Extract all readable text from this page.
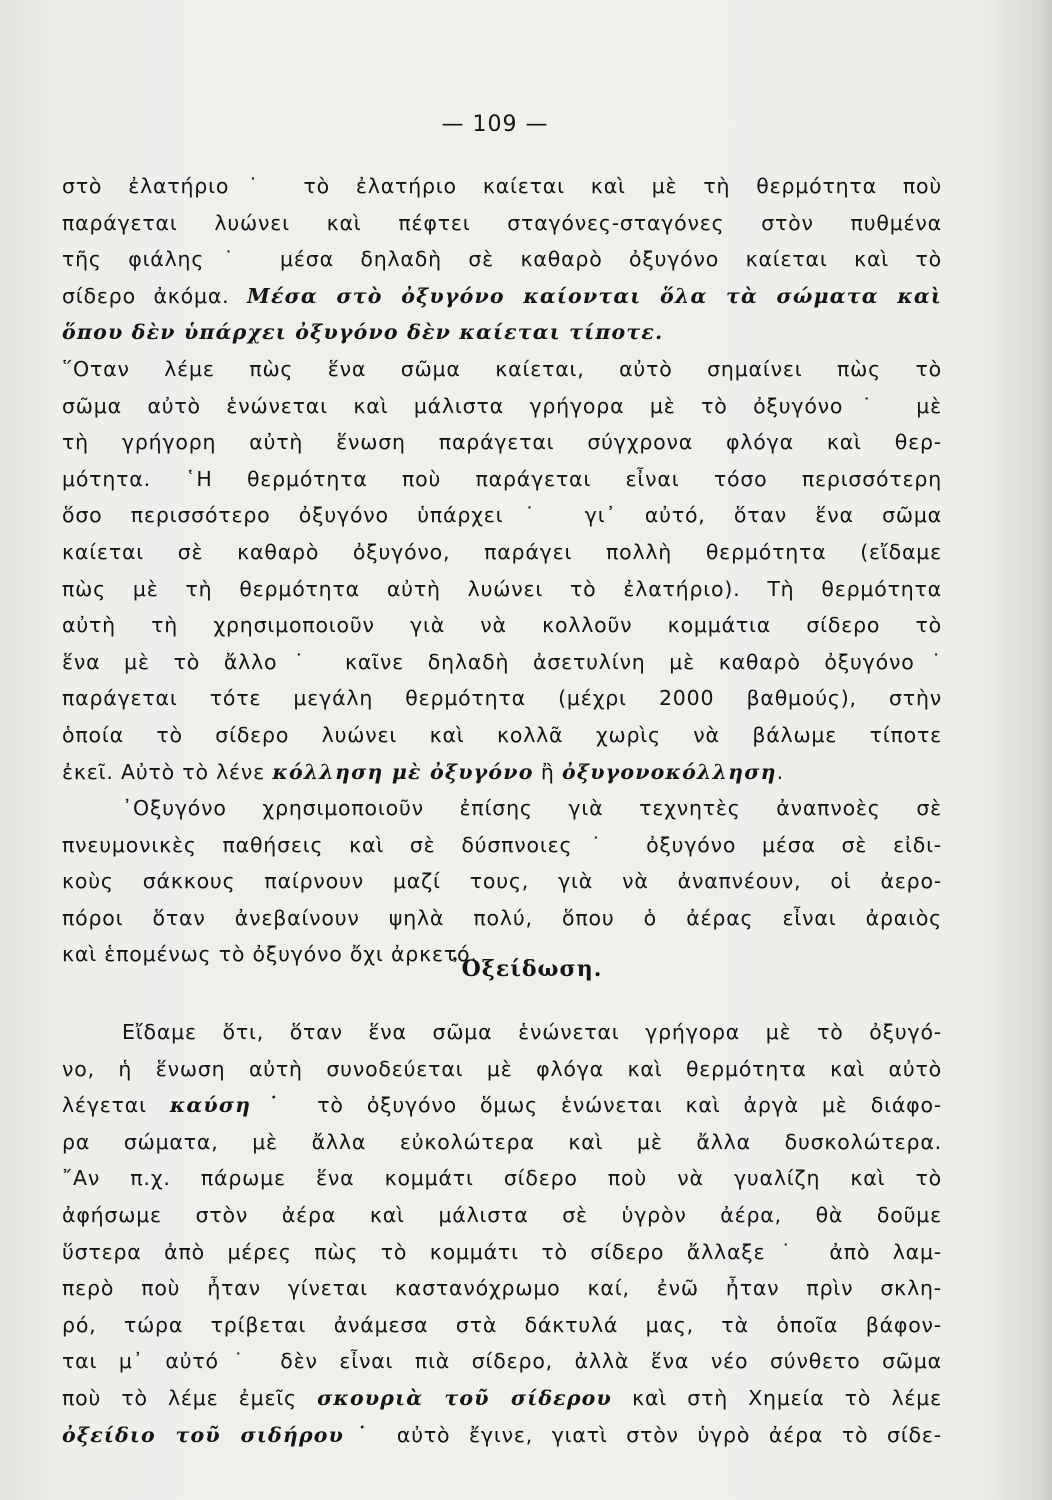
— 109 —
στὸ ἐλατήριο˙ τὸ ἐλατήριο καίεται καὶ μὲ τὴ θερμότητα ποὺ
παράγεται λυώνει καὶ πέφτει σταγόνες-σταγόνες στὸν πυθμένα
τῆς φιάλης˙ μέσα δηλαδὴ σὲ καθαρὸ ὀξυγόνο καίεται καὶ τὸ
σίδερο ἀκόμα. Μέσα στὸ ὀξυγόνο καίονται ὅλα τὰ σώματα καὶ
ὅπου δὲν ὑπάρχει ὀξυγόνο δὲν καίεται τίποτε.
῞Οταν λέμε πὼς ἕνα σῶμα καίεται, αὐτὸ σημαίνει πὼς τὸ
σῶμα αὐτὸ ἑνώνεται καὶ μάλιστα γρήγορα μὲ τὸ ὀξυγόνο˙ μὲ
τὴ γρήγορη αὐτὴ ἕνωση παράγεται σύγχρονα φλόγα καὶ θερ-
μότητα. ῾Η θερμότητα ποὺ παράγεται εἶναι τόσο περισσότερη
ὅσο περισσότερο ὀξυγόνο ὑπάρχει˙ γι᾿ αὐτό, ὅταν ἕνα σῶμα
καίεται σὲ καθαρὸ ὀξυγόνο, παράγει πολλὴ θερμότητα (εἴδαμε
πὼς μὲ τὴ θερμότητα αὐτὴ λυώνει τὸ ἐλατήριο). Τὴ θερμότητα
αὐτὴ τὴ χρησιμοποιοῦν γιὰ νὰ κολλοῦν κομμάτια σίδερο τὸ
ἕνα μὲ τὸ ἄλλο˙ καῖνε δηλαδὴ ἀσετυλίνη μὲ καθαρὸ ὀξυγόνο˙
παράγεται τότε μεγάλη θερμότητα (μέχρι 2000 βαθμούς), στὴν
ὁποία τὸ σίδερο λυώνει καὶ κολλᾶ χωρὶς νὰ βάλωμε τίποτε
ἐκεῖ. Αὐτὸ τὸ λένε κόλληση μὲ ὀξυγόνο ἢ ὀξυγονοκόλληση.
᾿Οξυγόνο χρησιμοποιοῦν ἐπίσης γιὰ τεχνητὲς ἀναπνοὲς σὲ
πνευμονικὲς παθήσεις καὶ σὲ δύσπνοιες˙ ὀξυγόνο μέσα σὲ εἰδι-
κοὺς σάκκους παίρνουν μαζί τους, γιὰ νὰ ἀναπνέουν, οἱ ἀερο-
πόροι ὅταν ἀνεβαίνουν ψηλὰ πολύ, ὅπου ὁ ἀέρας εἶναι ἀραιὸς
καὶ ἑπομένως τὸ ὀξυγόνο ὄχι ἀρκετό.
᾿Οξείδωση.
Εἴδαμε ὅτι, ὅταν ἕνα σῶμα ἑνώνεται γρήγορα μὲ τὸ ὀξυγό-
νο, ἡ ἕνωση αὐτὴ συνοδεύεται μὲ φλόγα καὶ θερμότητα καὶ αὐτὸ
λέγεται καύση˙ τὸ ὀξυγόνο ὅμως ἑνώνεται καὶ ἀργὰ μὲ διάφο-
ρα σώματα, μὲ ἄλλα εὐκολώτερα καὶ μὲ ἄλλα δυσκολώτερα.
῎Αν π.χ. πάρωμε ἕνα κομμάτι σίδερο ποὺ νὰ γυαλίζη καὶ τὸ
ἀφήσωμε στὸν ἀέρα καὶ μάλιστα σὲ ὑγρὸν ἀέρα, θὰ δοῦμε
ὕστερα ἀπὸ μέρες πὼς τὸ κομμάτι τὸ σίδερο ἄλλαξε˙ ἀπὸ λαμ-
περὸ ποὺ ἦταν γίνεται καστανόχρωμο καί, ἐνῶ ἦταν πρὶν σκλη-
ρό, τώρα τρίβεται ἀνάμεσα στὰ δάκτυλά μας, τὰ ὁποῖα βάφον-
ται μ᾿ αὐτό˙ δὲν εἶναι πιὰ σίδερο, ἀλλὰ ἕνα νέο σύνθετο σῶμα
ποὺ τὸ λέμε ἐμεῖς σκουριὰ τοῦ σίδερου καὶ στὴ Χημεία τὸ λέμε
ὀξείδιο τοῦ σιδήρου˙ αὐτὸ ἔγινε, γιατὶ στὸν ὑγρὸ ἀέρα τὸ σίδε-
